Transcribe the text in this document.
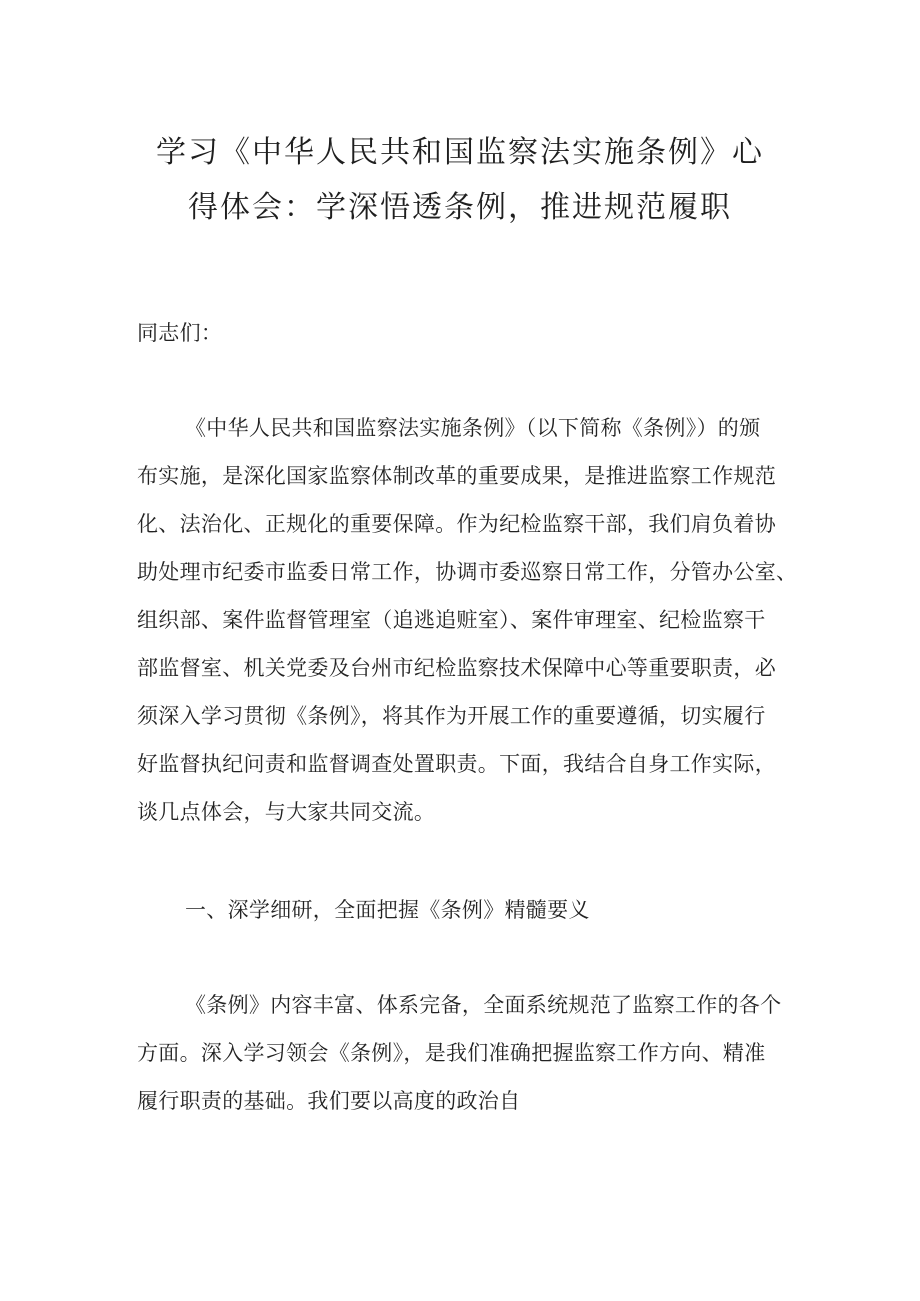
学习《中华人民共和国监察法实施条例》心
得体会：学深悟透条例，推进规范履职
同志们：
《中华人民共和国监察法实施条例》（以下简称《条例》）的颁
布实施，是深化国家监察体制改革的重要成果，是推进监察工作规范
化、法治化、正规化的重要保障。作为纪检监察干部，我们肩负着协
助处理市纪委市监委日常工作，协调市委巡察日常工作，分管办公室、
组织部、案件监督管理室（追逃追赃室）、案件审理室、纪检监察干
部监督室、机关党委及台州市纪检监察技术保障中心等重要职责，必
须深入学习贯彻《条例》，将其作为开展工作的重要遵循，切实履行
好监督执纪问责和监督调查处置职责。下面，我结合自身工作实际，
谈几点体会，与大家共同交流。
一、深学细研，全面把握《条例》精髓要义
《条例》内容丰富、体系完备，全面系统规范了监察工作的各个
方面。深入学习领会《条例》，是我们准确把握监察工作方向、精准
履行职责的基础。我们要以高度的政治自
